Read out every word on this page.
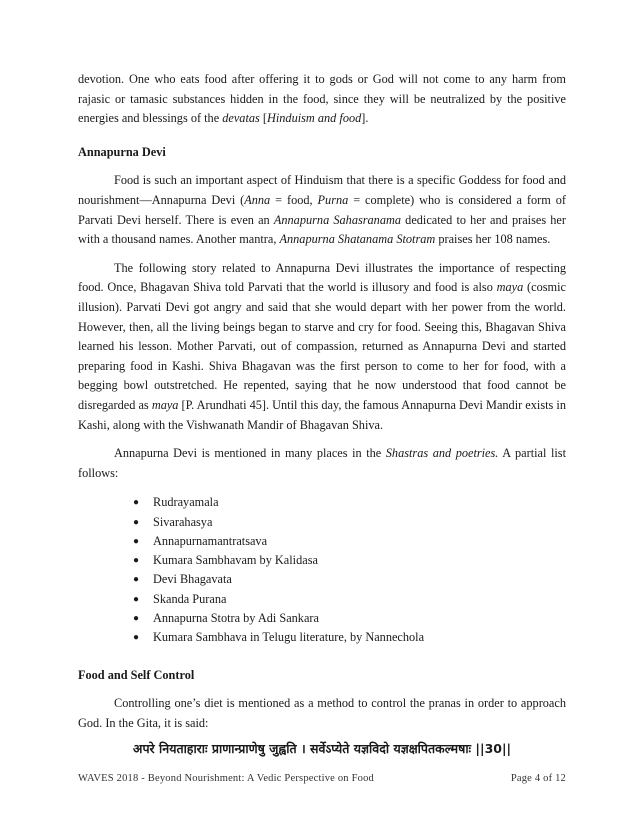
devotion. One who eats food after offering it to gods or God will not come to any harm from rajasic or tamasic substances hidden in the food, since they will be neutralized by the positive energies and blessings of the devatas [Hinduism and food].

Annapurna Devi

Food is such an important aspect of Hinduism that there is a specific Goddess for food and nourishment—Annapurna Devi (Anna = food, Purna = complete) who is considered a form of Parvati Devi herself. There is even an Annapurna Sahasranama dedicated to her and praises her with a thousand names. Another mantra, Annapurna Shatanama Stotram praises her 108 names.

The following story related to Annapurna Devi illustrates the importance of respecting food. Once, Bhagavan Shiva told Parvati that the world is illusory and food is also maya (cosmic illusion). Parvati Devi got angry and said that she would depart with her power from the world. However, then, all the living beings began to starve and cry for food. Seeing this, Bhagavan Shiva learned his lesson. Mother Parvati, out of compassion, returned as Annapurna Devi and started preparing food in Kashi. Shiva Bhagavan was the first person to come to her for food, with a begging bowl outstretched. He repented, saying that he now understood that food cannot be disregarded as maya [P. Arundhati 45]. Until this day, the famous Annapurna Devi Mandir exists in Kashi, along with the Vishwanath Mandir of Bhagavan Shiva.

Annapurna Devi is mentioned in many places in the Shastras and poetries. A partial list follows:

● Rudrayamala
● Sivarahasya
● Annapurnamantratsava
● Kumara Sambhavam by Kalidasa
● Devi Bhagavata
● Skanda Purana
● Annapurna Stotra by Adi Sankara
● Kumara Sambhava in Telugu literature, by Nannechola

Food and Self Control

Controlling one’s diet is mentioned as a method to control the pranas in order to approach God. In the Gita, it is said:

अपरे नियताहाराः प्राणान्प्राणेषु जुह्वति । सर्वेऽप्येते यज्ञविदो यज्ञक्षपितकल्मषाः ||30||

WAVES 2018 - Beyond Nourishment: A Vedic Perspective on Food	Page 4 of 12
